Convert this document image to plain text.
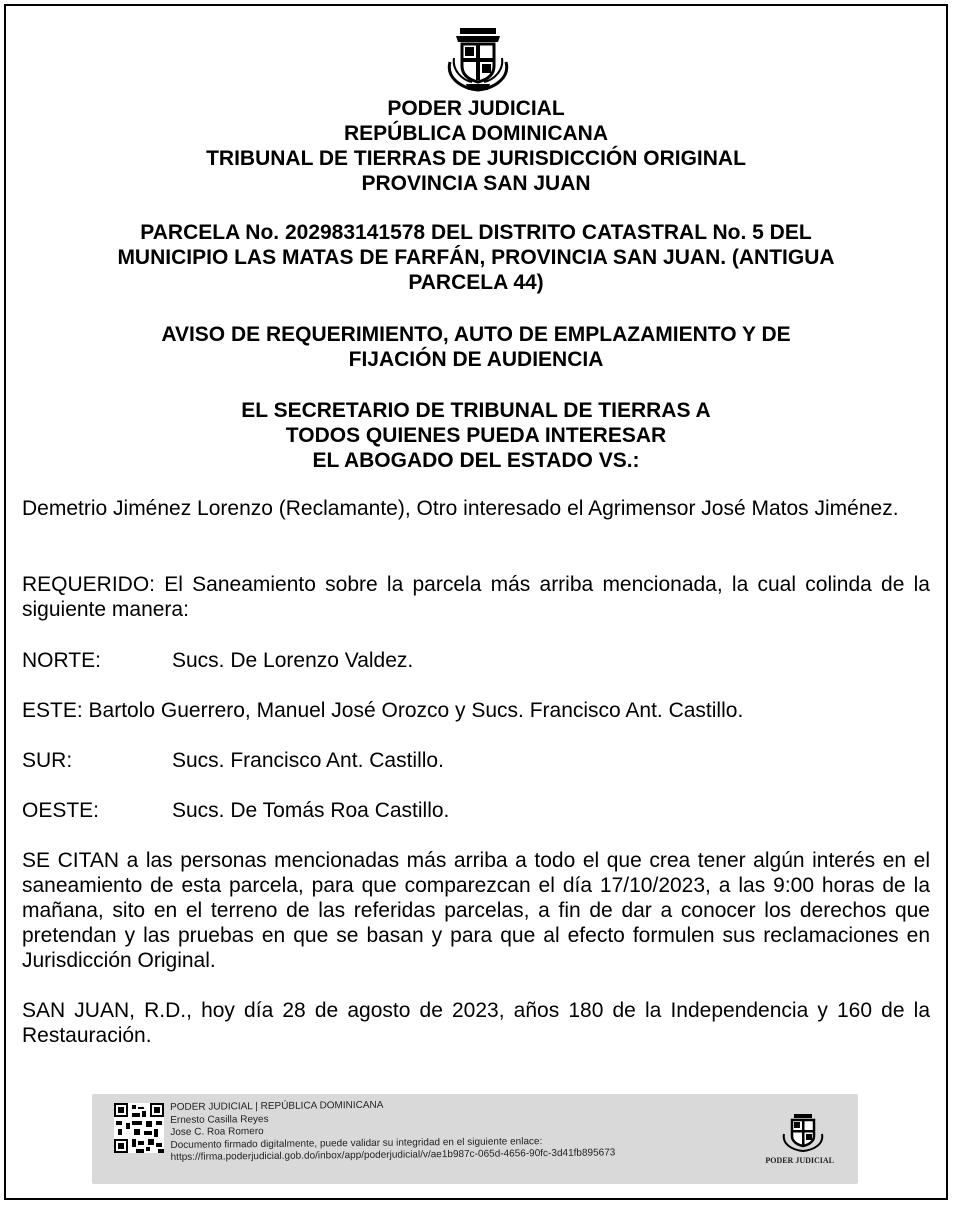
PODER JUDICIAL
REPÚBLICA DOMINICANA
TRIBUNAL DE TIERRAS DE JURISDICCIÓN ORIGINAL
PROVINCIA SAN JUAN
PARCELA No. 202983141578 DEL DISTRITO CATASTRAL No. 5 DEL
MUNICIPIO LAS MATAS DE FARFÁN, PROVINCIA SAN JUAN. (ANTIGUA
PARCELA 44)
AVISO DE REQUERIMIENTO, AUTO DE EMPLAZAMIENTO Y DE
FIJACIÓN DE AUDIENCIA
EL SECRETARIO DE TRIBUNAL DE TIERRAS A
TODOS QUIENES PUEDA INTERESAR
EL ABOGADO DEL ESTADO VS.:
Demetrio Jiménez Lorenzo (Reclamante), Otro interesado el Agrimensor José Matos Jiménez.
REQUERIDO: El Saneamiento sobre la parcela más arriba mencionada, la cual colinda de la siguiente manera:
NORTE:	Sucs. De Lorenzo Valdez.
ESTE: Bartolo Guerrero, Manuel José Orozco y Sucs. Francisco Ant. Castillo.
SUR:	Sucs. Francisco Ant. Castillo.
OESTE:	Sucs. De Tomás Roa Castillo.
SE CITAN a las personas mencionadas más arriba a todo el que crea tener algún interés en el saneamiento de esta parcela, para que comparezcan el día 17/10/2023, a las 9:00 horas de la mañana, sito en el terreno de las referidas parcelas, a fin de dar a conocer los derechos que pretendan y las pruebas en que se basan y para que al efecto formulen sus reclamaciones en Jurisdicción Original.
SAN JUAN, R.D., hoy día 28 de agosto de 2023, años 180 de la Independencia y 160 de la Restauración.
PODER JUDICIAL | REPÚBLICA DOMINICANA
Ernesto Casilla Reyes
Jose C. Roa Romero
Documento firmado digitalmente, puede validar su integridad en el siguiente enlace:
https://firma.poderjudicial.gob.do/inbox/app/poderjudicial/v/ae1b987c-065d-4656-90fc-3d41fb895673	PODER JUDICIAL
